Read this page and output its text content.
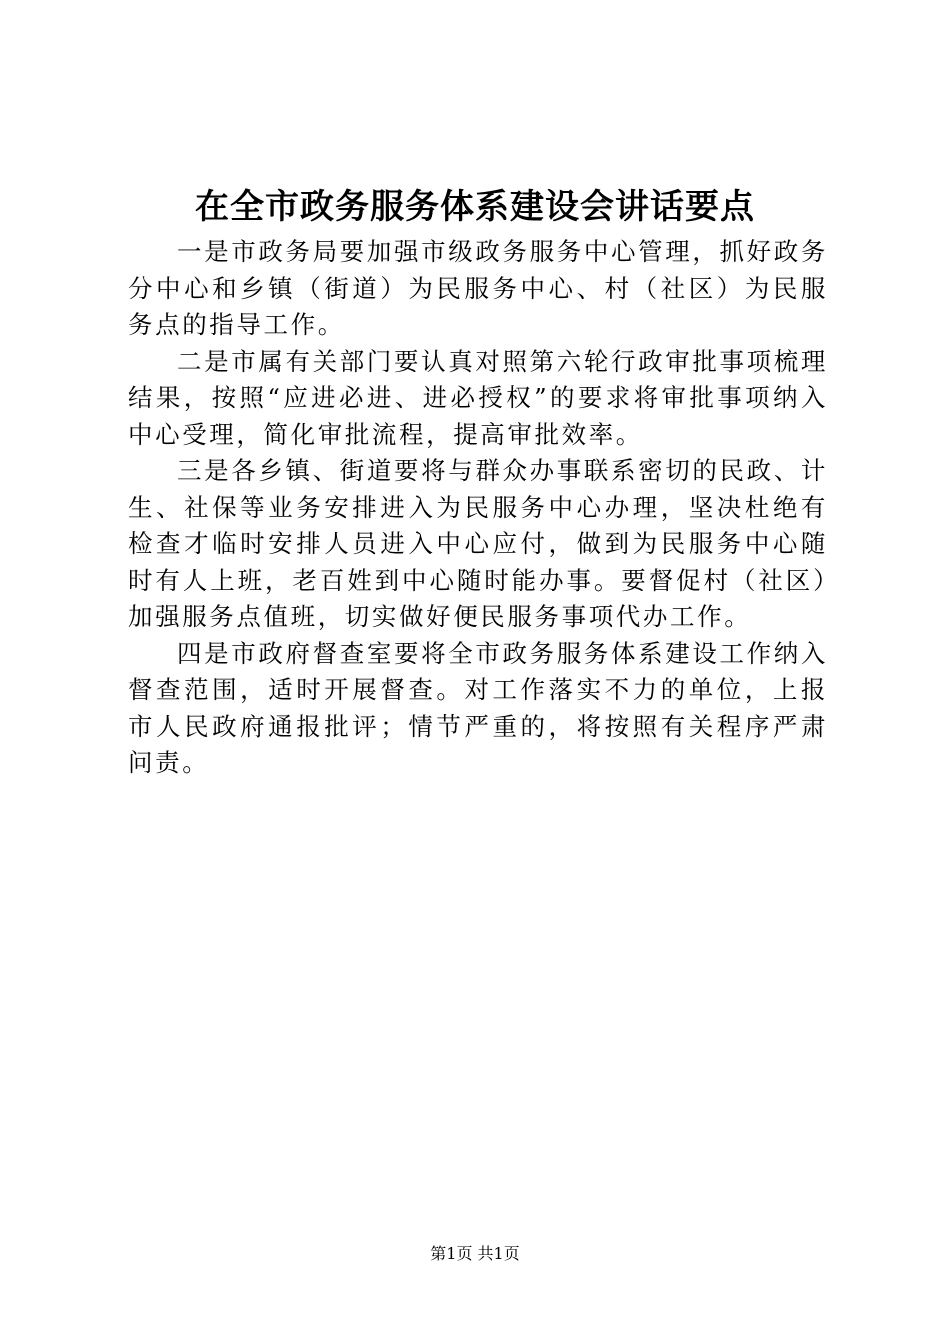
在全市政务服务体系建设会讲话要点

一是市政务局要加强市级政务服务中心管理，抓好政务分中心和乡镇（街道）为民服务中心、村（社区）为民服务点的指导工作。

二是市属有关部门要认真对照第六轮行政审批事项梳理结果，按照“应进必进、进必授权”的要求将审批事项纳入中心受理，简化审批流程，提高审批效率。

三是各乡镇、街道要将与群众办事联系密切的民政、计生、社保等业务安排进入为民服务中心办理，坚决杜绝有检查才临时安排人员进入中心应付，做到为民服务中心随时有人上班，老百姓到中心随时能办事。要督促村（社区）加强服务点值班，切实做好便民服务事项代办工作。

四是市政府督查室要将全市政务服务体系建设工作纳入督查范围，适时开展督查。对工作落实不力的单位，上报市人民政府通报批评；情节严重的，将按照有关程序严肃问责。

第1页 共1页
